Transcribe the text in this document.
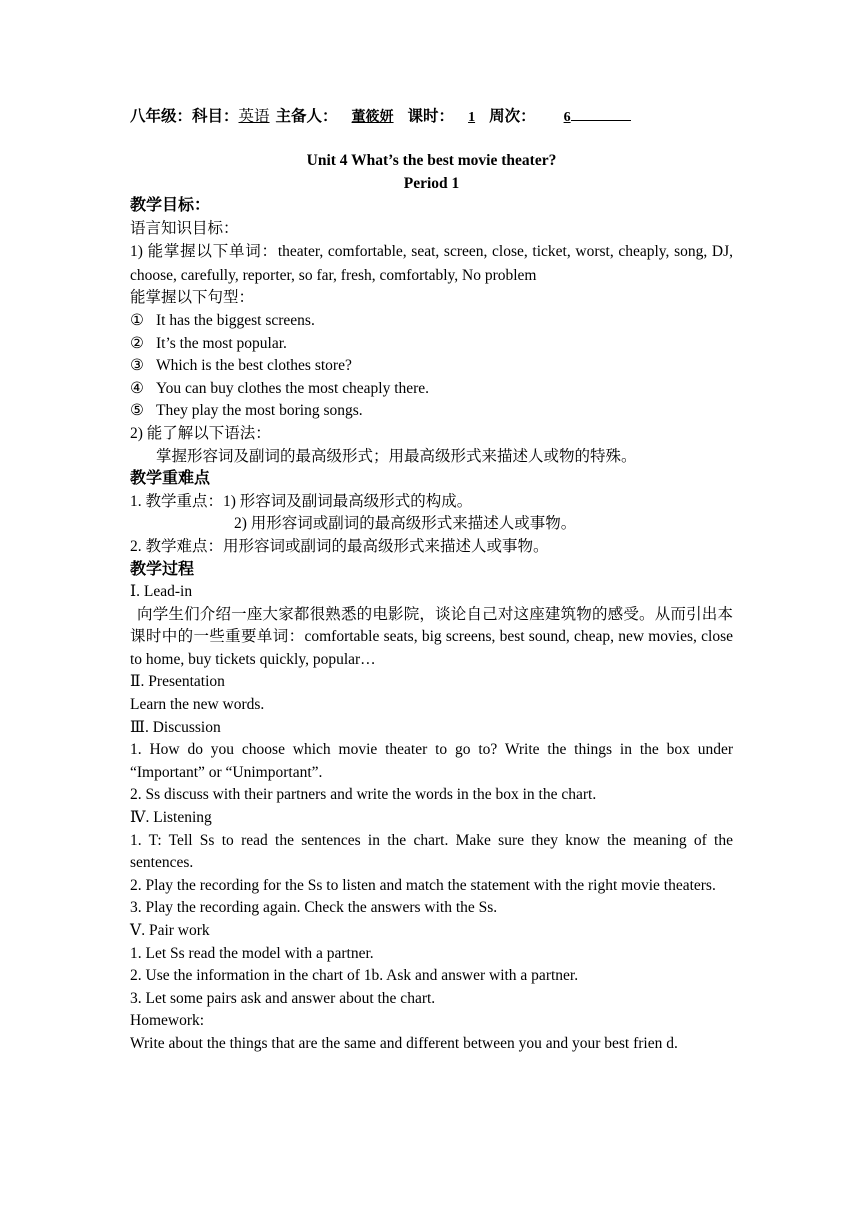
八年级：科目：英语 主备人： 董筱妍 课时： 1 周次： 6
Unit 4 What’s the best movie theater?
Period 1
教学目标：
语言知识目标：
1) 能掌握以下单词：theater, comfortable, seat, screen, close, ticket, worst, cheaply, song, DJ, choose, carefully, reporter, so far, fresh, comfortably, No problem
能掌握以下句型：
① It has the biggest screens.
② It’s the most popular.
③ Which is the best clothes store?
④ You can buy clothes the most cheaply there.
⑤ They play the most boring songs.
2) 能了解以下语法：
掌握形容词及副词的最高级形式；用最高级形式来描述人或物的特殊。
教学重难点
1. 教学重点：1) 形容词及副词最高级形式的构成。
2) 用形容词或副词的最高级形式来描述人或事物。
2. 教学难点：用形容词或副词的最高级形式来描述人或事物。
教学过程
Ⅰ. Lead-in
向学生们介绍一座大家都很熟悉的电影院，谈论自己对这座建筑物的感受。从而引出本课时中的一些重要单词：comfortable seats, big screens, best sound, cheap, new movies, close to home, buy tickets quickly, popular…
Ⅱ. Presentation
Learn the new words.
Ⅲ. Discussion
1. How do you choose which movie theater to go to? Write the things in the box under “Important” or “Unimportant”.
2. Ss discuss with their partners and write the words in the box in the chart.
Ⅳ. Listening
1. T: Tell Ss to read the sentences in the chart. Make sure they know the meaning of the sentences.
2. Play the recording for the Ss to listen and match the statement with the right movie theaters.
3. Play the recording again. Check the answers with the Ss.
Ⅴ. Pair work
1. Let Ss read the model with a partner.
2. Use the information in the chart of 1b. Ask and answer with a partner.
3. Let some pairs ask and answer about the chart.
Homework:
Write about the things that are the same and different between you and your best frien d.
